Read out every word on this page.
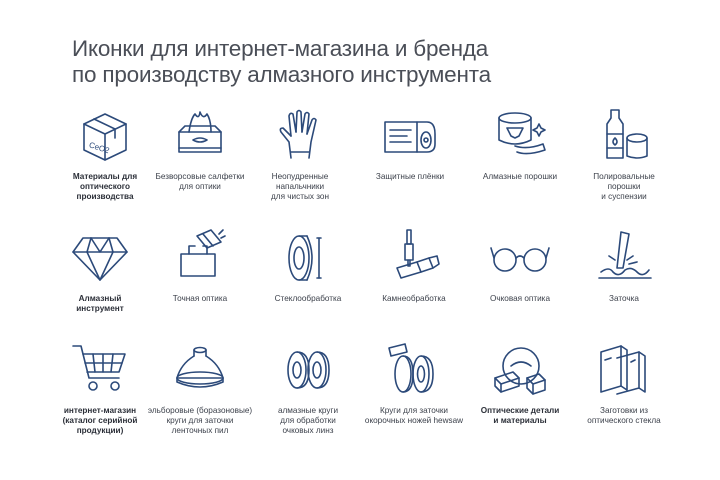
Иконки для интернет-магазина и бренда
по производству алмазного инструмента
CeO2
Материалы для
оптического
производства
Безворсовые салфетки
для оптики
Неопудренные
напальчники
для чистых зон
Защитные плёнки	Алмазные порошки	Полировальные
порошки
и суспензии
Алмазный
инструмент
Точная оптика	Стеклообработка	Камнеобработка	Очковая оптика	Заточка
интернет-магазин
(каталог серийной
продукции)
эльборовые (боразоновые)
круги для заточки
ленточных пил
алмазные круги
для обработки
очковых линз
Круги для заточки
окорочных ножей hewsaw
Оптические детали
и материалы
Заготовки из
оптического стекла
